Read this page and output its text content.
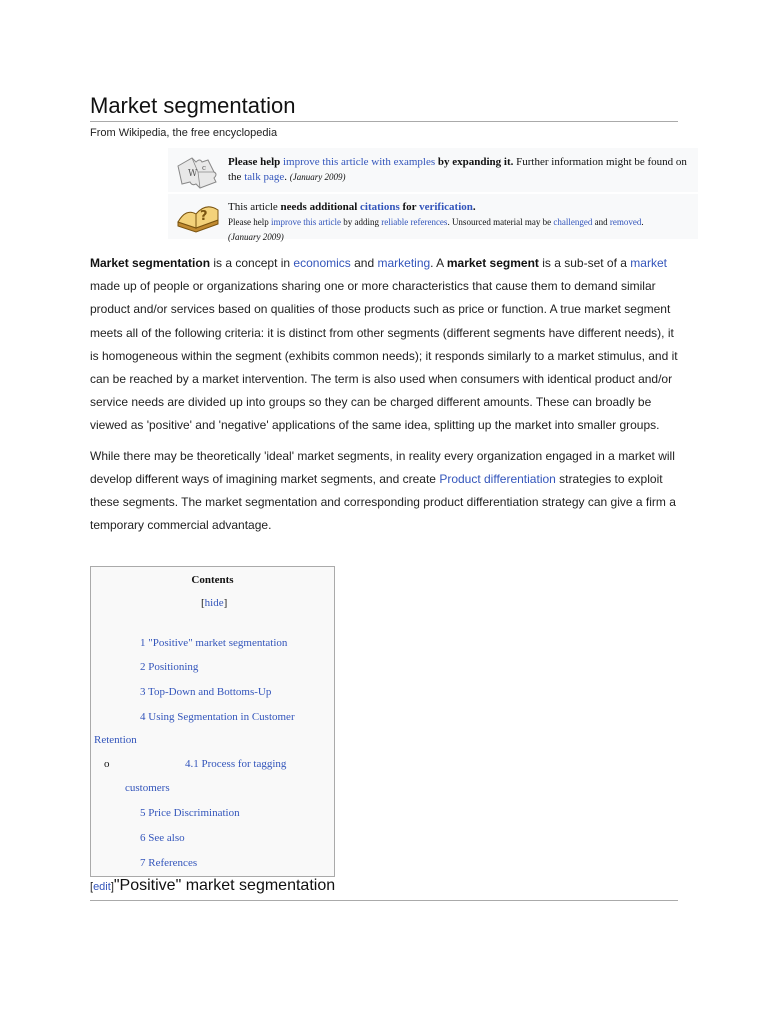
Market segmentation
From Wikipedia, the free encyclopedia
W
c Please help improve this article with examples by expanding it. Further information might be found on the talk page. (January 2009)
?
This article needs additional citations for verification.
Please help improve this article by adding reliable references. Unsourced material may be challenged and removed.
(January 2009)

Market segmentation is a concept in economics and marketing. A market segment is a sub-set of a market made up of people or organizations sharing one or more characteristics that cause them to demand similar product and/or services based on qualities of those products such as price or function. A true market segment meets all of the following criteria: it is distinct from other segments (different segments have different needs), it is homogeneous within the segment (exhibits common needs); it responds similarly to a market stimulus, and it can be reached by a market intervention. The term is also used when consumers with identical product and/or service needs are divided up into groups so they can be charged different amounts. These can broadly be viewed as 'positive' and 'negative' applications of the same idea, splitting up the market into smaller groups.

While there may be theoretically 'ideal' market segments, in reality every organization engaged in a market will develop different ways of imagining market segments, and create Product differentiation strategies to exploit these segments. The market segmentation and corresponding product differentiation strategy can give a firm a temporary commercial advantage.

Contents
[hide]
1 "Positive" market segmentation
2 Positioning
3 Top-Down and Bottoms-Up
4 Using Segmentation in Customer
Retention
o	4.1 Process for tagging
customers
5 Price Discrimination
6 See also
7 References
[edit]"Positive" market segmentation
